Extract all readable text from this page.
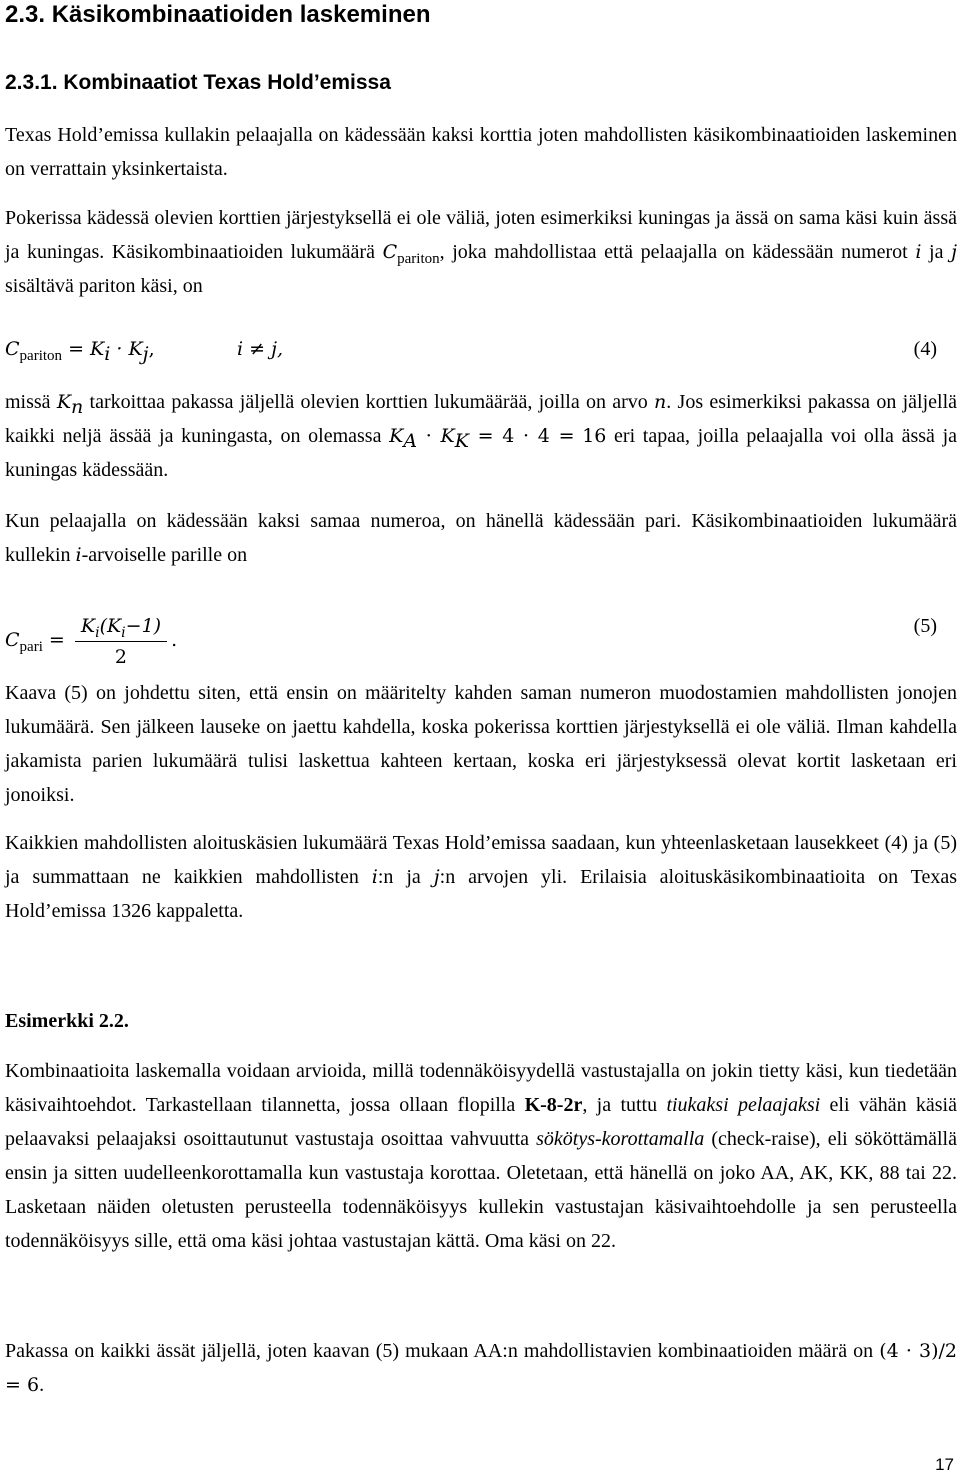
2.3. Käsikombinaatioiden laskeminen
2.3.1. Kombinaatiot Texas Hold’emissa
Texas Hold’emissa kullakin pelaajalla on kädessään kaksi korttia joten mahdollisten käsikombinaatioiden laskeminen on verrattain yksinkertaista.
Pokerissa kädessä olevien korttien järjestyksellä ei ole väliä, joten esimerkiksi kuningas ja ässä on sama käsi kuin ässä ja kuningas. Käsikombinaatioiden lukumäärä $C_{pariton}$, joka mahdollistaa että pelaajalla on kädessään numerot i ja j sisältävä pariton käsi, on
$C_{pariton} = K_i \cdot K_j$,	i ≠ j,	(4)
missä $K_n$ tarkoittaa pakassa jäljellä olevien korttien lukumäärää, joilla on arvo n. Jos esimerkiksi pakassa on jäljellä kaikki neljä ässää ja kuningasta, on olemassa $K_A \cdot K_K = 4 \cdot 4 = 16$ eri tapaa, joilla pelaajalla voi olla ässä ja kuningas kädessään.
Kun pelaajalla on kädessään kaksi samaa numeroa, on hänellä kädessään pari. Käsikombinaatioiden lukumäärä kullekin i-arvoiselle parille on
$C_{pari} = \frac{K_i(K_i-1)}{2}$ .
(5)
Kaava (5) on johdettu siten, että ensin on määritelty kahden saman numeron muodostamien mahdollisten jonojen lukumäärä. Sen jälkeen lauseke on jaettu kahdella, koska pokerissa korttien järjestyksellä ei ole väliä. Ilman kahdella jakamista parien lukumäärä tulisi laskettua kahteen kertaan, koska eri järjestyksessä olevat kortit lasketaan eri jonoiksi.
Kaikkien mahdollisten aloituskäsien lukumäärä Texas Hold’emissa saadaan, kun yhteenlasketaan lausekkeet (4) ja (5) ja summattaan ne kaikkien mahdollisten i:n ja j:n arvojen yli. Erilaisia aloituskäsikombinaatioita on Texas Hold’emissa 1326 kappaletta.
Esimerkki 2.2.
Kombinaatioita laskemalla voidaan arvioida, millä todennäköisyydellä vastustajalla on jokin tietty käsi, kun tiedetään käsivaihtoehdot. Tarkastellaan tilannetta, jossa ollaan flopilla K-8-2r, ja tuttu tiukaksi pelaajaksi eli vähän käsiä pelaavaksi pelaajaksi osoittautunut vastustaja osoittaa vahvuutta sökötys-korottamalla (check-raise), eli sököttämällä ensin ja sitten uudelleenkorottamalla kun vastustaja korottaa. Oletetaan, että hänellä on joko AA, AK, KK, 88 tai 22. Lasketaan näiden oletusten perusteella todennäköisyys kullekin vastustajan käsivaihtoehdolle ja sen perusteella todennäköisyys sille, että oma käsi johtaa vastustajan kättä. Oma käsi on 22.
Pakassa on kaikki ässät jäljellä, joten kaavan (5) mukaan AA:n mahdollistavien kombinaatioiden määrä on (4 · 3)/2 = 6.
17
